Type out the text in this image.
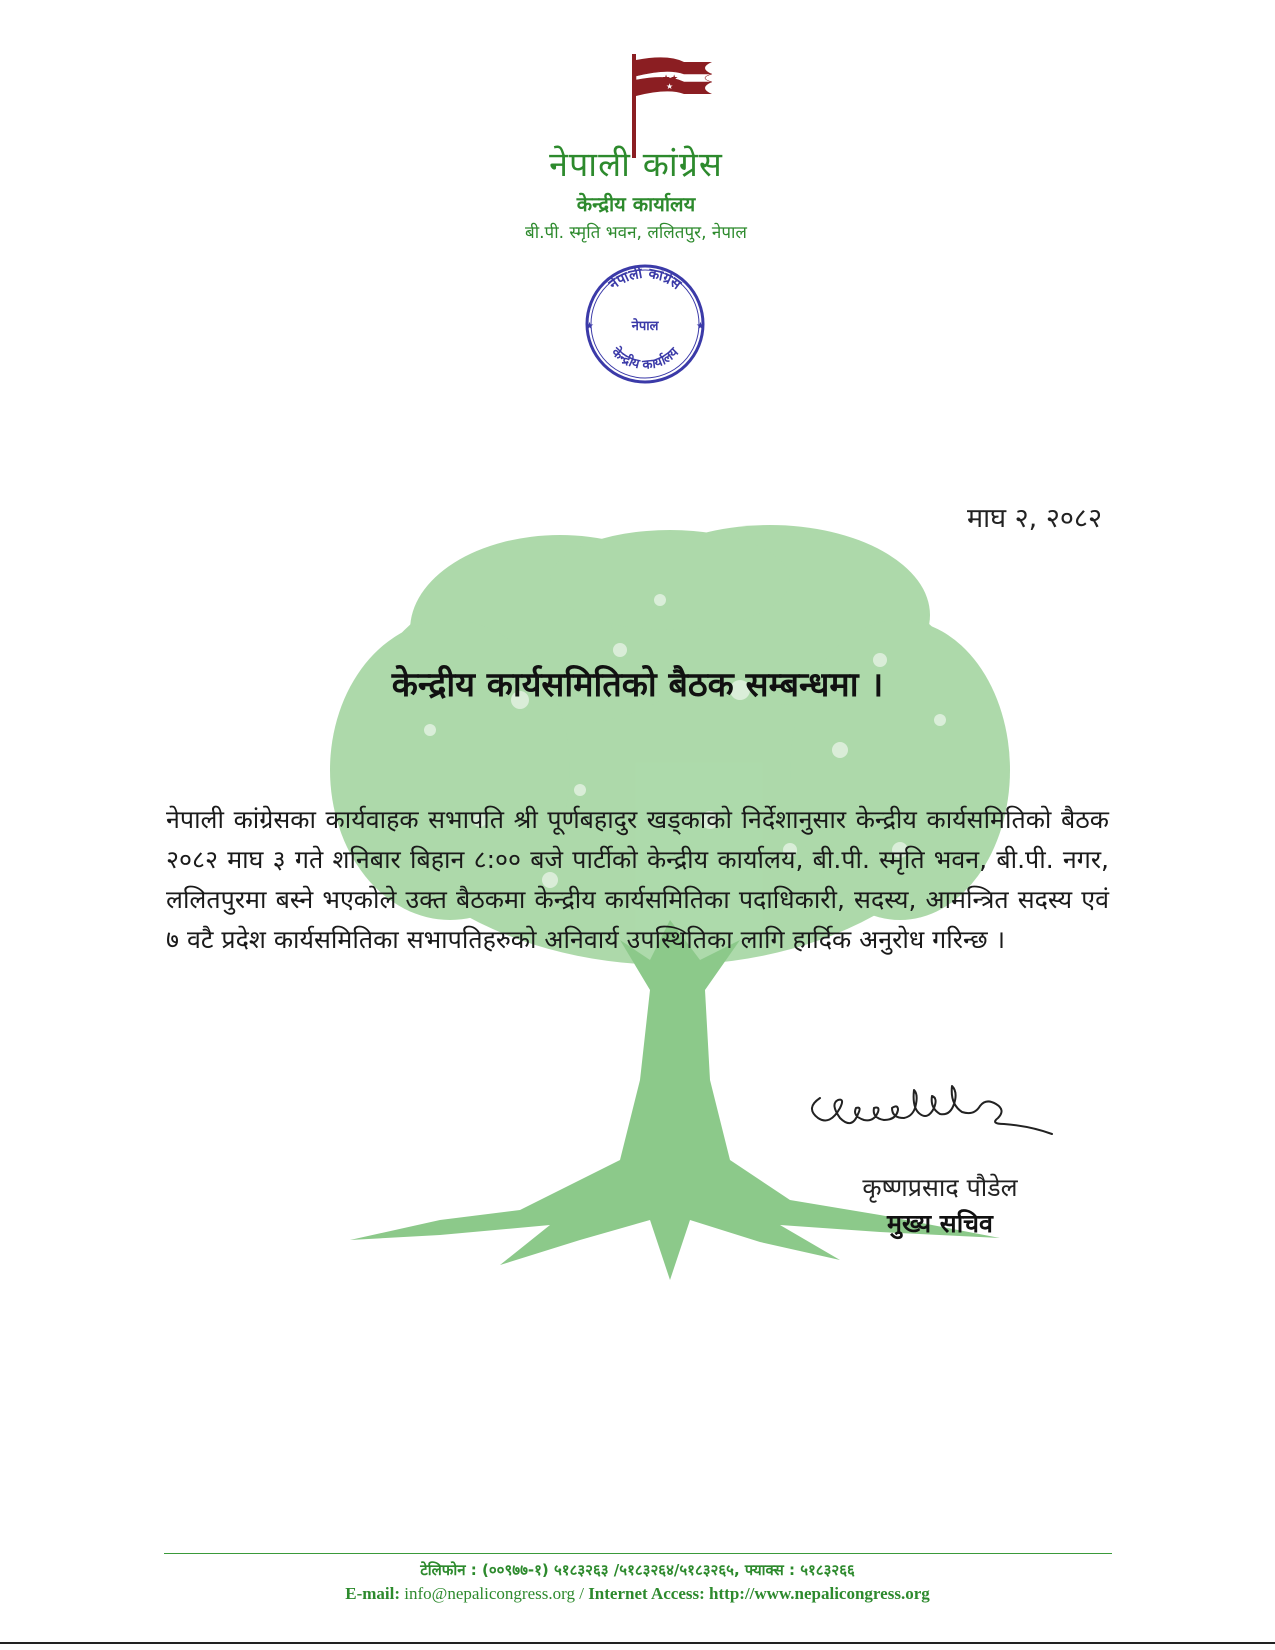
★★
★
नेपाली कांग्रेस
केन्द्रीय कार्यालय
बी.पी. स्मृति भवन, ललितपुर, नेपाल
नेपाली कांग्रेस
नेपाल
केन्द्रीय कार्यालय
★	★
माघ २, २०८२
केन्द्रीय कार्यसमितिको बैठक सम्बन्धमा ।
नेपाली कांग्रेसका कार्यवाहक सभापति श्री पूर्णबहादुर खड्काको निर्देशानुसार केन्द्रीय कार्यसमितिको बैठक २०८२ माघ ३ गते शनिबार बिहान ८:०० बजे पार्टीको केन्द्रीय कार्यालय, बी.पी. स्मृति भवन, बी.पी. नगर, ललितपुरमा बस्ने भएकोले उक्त बैठकमा केन्द्रीय कार्यसमितिका पदाधिकारी, सदस्य, आमन्त्रित सदस्य एवं ७ वटै प्रदेश कार्यसमितिका सभापतिहरुको अनिवार्य उपस्थितिका लागि हार्दिक अनुरोध गरिन्छ ।
कृष्णप्रसाद पौडेल
मुख्य सचिव
टेलिफोन : (००९७७-१) ५१८३२६३ /५१८३२६४/५१८३२६५, फ्याक्स : ५१८३२६६
E-mail: info@nepalicongress.org / Internet Access: http://www.nepalicongress.org
